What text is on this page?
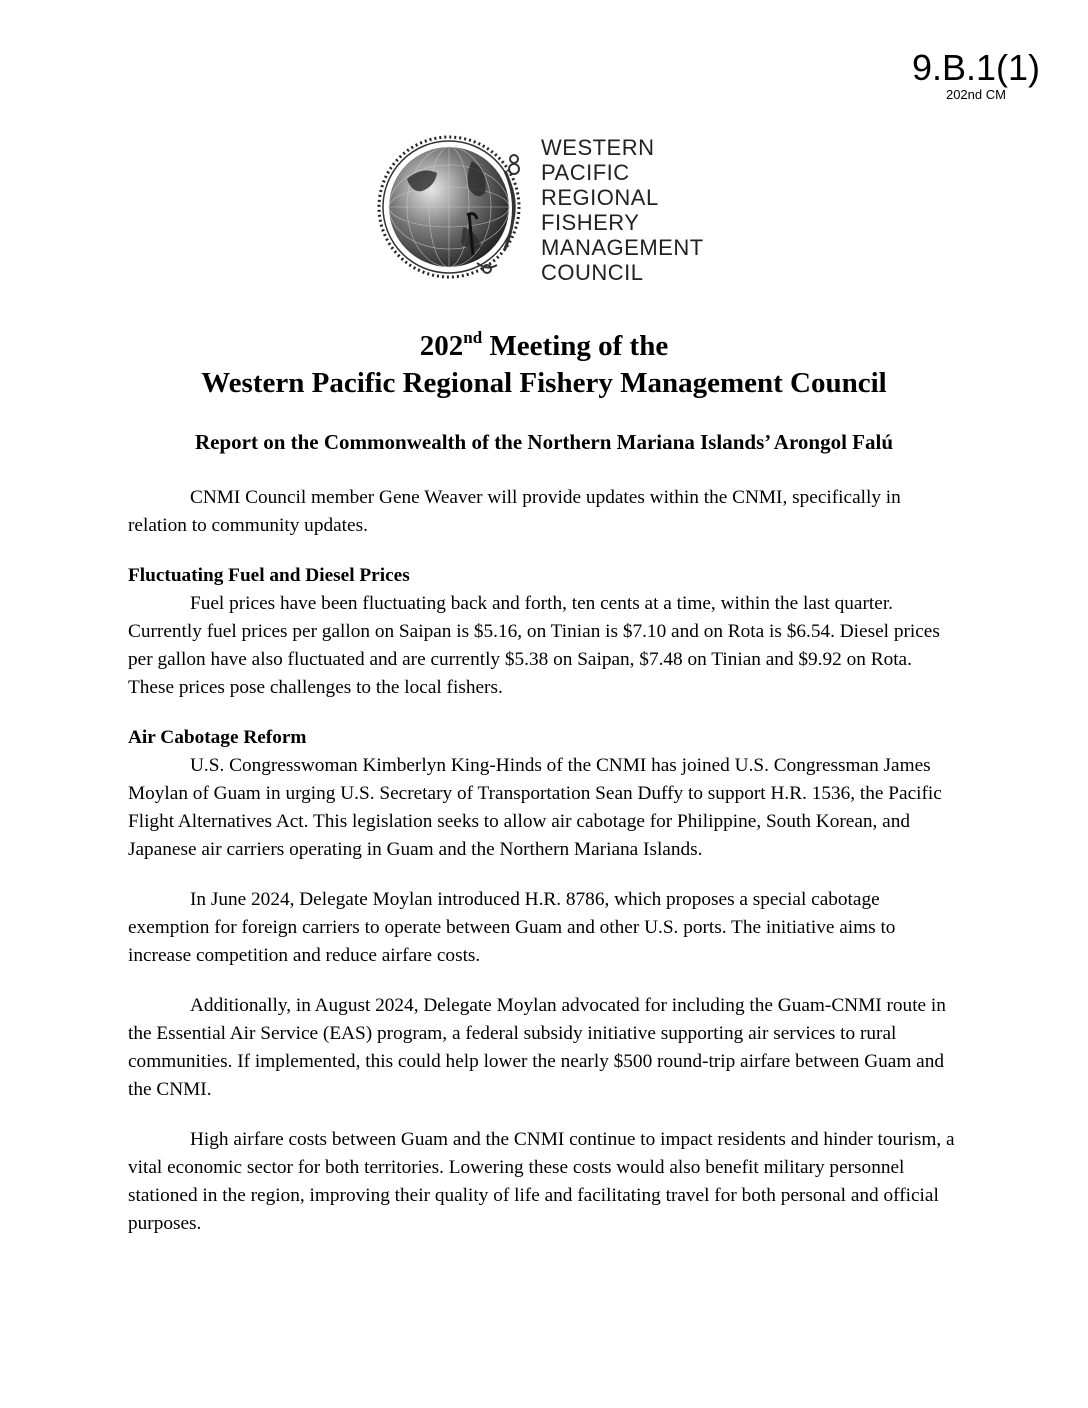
9.B.1(1)
202nd CM
WESTERN
PACIFIC
REGIONAL
FISHERY
MANAGEMENT
COUNCIL
202nd Meeting of the
Western Pacific Regional Fishery Management Council
Report on the Commonwealth of the Northern Mariana Islands’ Arongol Falú

CNMI Council member Gene Weaver will provide updates within the CNMI, specifically in relation to community updates.

Fluctuating Fuel and Diesel Prices

Fuel prices have been fluctuating back and forth, ten cents at a time, within the last quarter. Currently fuel prices per gallon on Saipan is $5.16, on Tinian is $7.10 and on Rota is $6.54. Diesel prices per gallon have also fluctuated and are currently $5.38 on Saipan, $7.48 on Tinian and $9.92 on Rota. These prices pose challenges to the local fishers.

Air Cabotage Reform

U.S. Congresswoman Kimberlyn King-Hinds of the CNMI has joined U.S. Congressman James Moylan of Guam in urging U.S. Secretary of Transportation Sean Duffy to support H.R. 1536, the Pacific Flight Alternatives Act. This legislation seeks to allow air cabotage for Philippine, South Korean, and Japanese air carriers operating in Guam and the Northern Mariana Islands.

In June 2024, Delegate Moylan introduced H.R. 8786, which proposes a special cabotage exemption for foreign carriers to operate between Guam and other U.S. ports. The initiative aims to increase competition and reduce airfare costs.

Additionally, in August 2024, Delegate Moylan advocated for including the Guam-CNMI route in the Essential Air Service (EAS) program, a federal subsidy initiative supporting air services to rural communities. If implemented, this could help lower the nearly $500 round-trip airfare between Guam and the CNMI.

High airfare costs between Guam and the CNMI continue to impact residents and hinder tourism, a vital economic sector for both territories. Lowering these costs would also benefit military personnel stationed in the region, improving their quality of life and facilitating travel for both personal and official purposes.
